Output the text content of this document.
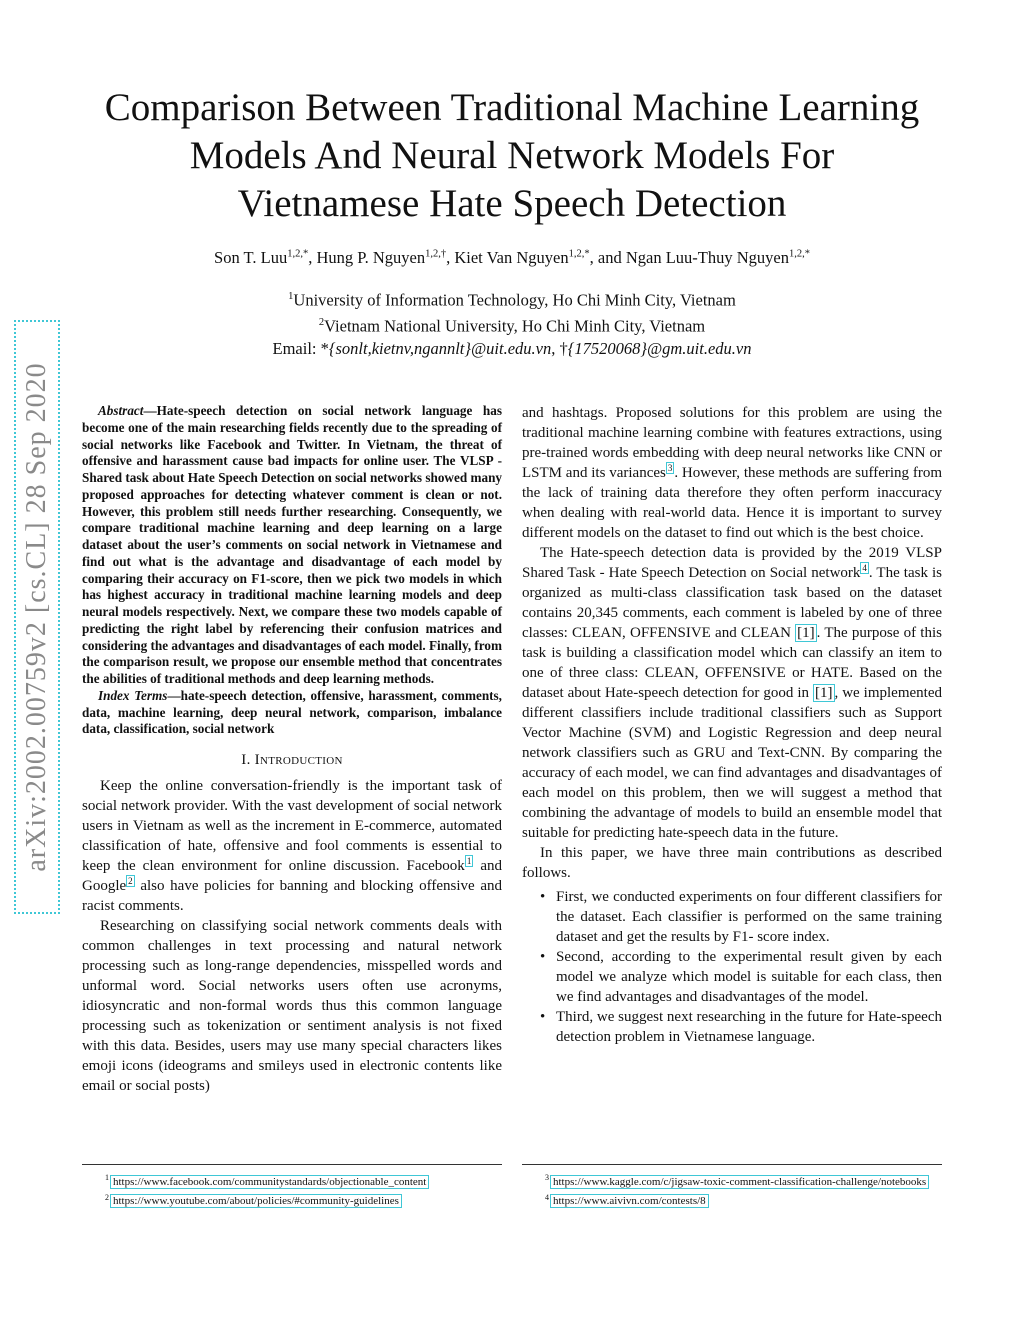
arXiv:2002.00759v2 [cs.CL] 28 Sep 2020
Comparison Between Traditional Machine Learning
Models And Neural Network Models For
Vietnamese Hate Speech Detection
Son T. Luu$^{1,2,*}$, Hung P. Nguyen$^{1,2,\dagger}$, Kiet Van Nguyen$^{1,2,*}$, and Ngan Luu-Thuy Nguyen$^{1,2,*}$
$^1$University of Information Technology, Ho Chi Minh City, Vietnam
$^2$Vietnam National University, Ho Chi Minh City, Vietnam
Email: *{sonlt,kietnv,ngannlt}@uit.edu.vn, †{17520068}@gm.uit.edu.vn

Abstract—Hate-speech detection on social network language has become one of the main researching fields recently due to the spreading of social networks like Facebook and Twitter. In Vietnam, the threat of offensive and harassment cause bad impacts for online user. The VLSP - Shared task about Hate Speech Detection on social networks showed many proposed approaches for detecting whatever comment is clean or not. However, this problem still needs further researching. Consequently, we compare traditional machine learning and deep learning on a large dataset about the user’s comments on social network in Vietnamese and find out what is the advantage and disadvantage of each model by comparing their accuracy on F1-score, then we pick two models in which has highest accuracy in traditional machine learning models and deep neural models respectively. Next, we compare these two models capable of predicting the right label by referencing their confusion matrices and considering the advantages and disadvantages of each model. Finally, from the comparison result, we propose our ensemble method that concentrates the abilities of traditional methods and deep learning methods.

Index Terms—hate-speech detection, offensive, harassment, comments, data, machine learning, deep neural network, comparison, imbalance data, classification, social network

I. Introduction

Keep the online conversation-friendly is the important task of social network provider. With the vast development of social network users in Vietnam as well as the increment in E-commerce, automated classification of hate, offensive and fool comments is essential to keep the clean environment for online discussion. Facebook $^1$ and Google $^2$ also have policies for banning and blocking offensive and racist comments.

Researching on classifying social network comments deals with common challenges in text processing and natural network processing such as long-range dependencies, misspelled words and unformal word. Social networks users often use acronyms, idiosyncratic and non-formal words thus this common language processing such as tokenization or sentiment analysis is not fixed with this data. Besides, users may use many special characters likes emoji icons (ideograms and smileys used in electronic contents like email or social posts)

and hashtags. Proposed solutions for this problem are using the traditional machine learning combine with features extractions, using pre-trained words embedding with deep neural networks like CNN or LSTM and its variances $^3$ . However, these methods are suffering from the lack of training data therefore they often perform inaccuracy when dealing with real-world data. Hence it is important to survey different models on the dataset to find out which is the best choice.

The Hate-speech detection data is provided by the 2019 VLSP Shared Task - Hate Speech Detection on Social network $^4$ . The task is organized as multi-class classification task based on the dataset contains 20,345 comments, each comment is labeled by one of three classes: CLEAN, OFFENSIVE and CLEAN [1] . The purpose of this task is building a classification model which can classify an item to one of three class: CLEAN, OFFENSIVE or HATE. Based on the dataset about Hate-speech detection for good in [1] , we implemented different classifiers include traditional classifiers such as Support Vector Machine (SVM) and Logistic Regression and deep neural network classifiers such as GRU and Text-CNN. By comparing the accuracy of each model, we can find advantages and disadvantages of each model on this problem, then we will suggest a method that combining the advantage of models to build an ensemble model that suitable for predicting hate-speech data in the future.

In this paper, we have three main contributions as described follows.

• First, we conducted experiments on four different classifiers for the dataset. Each classifier is performed on the same training dataset and get the results by F1- score index.
• Second, according to the experimental result given by each model we analyze which model is suitable for each class, then we find advantages and disadvantages of the model.
• Third, we suggest next researching in the future for Hate-speech detection problem in Vietnamese language.
$^1$ https://www.facebook.com/communitystandards/objectionable_content
$^2$ https://www.youtube.com/about/policies/#community-guidelines
$^3$ https://www.kaggle.com/c/jigsaw-toxic-comment-classification-challenge/notebooks
$^4$ https://www.aivivn.com/contests/8
